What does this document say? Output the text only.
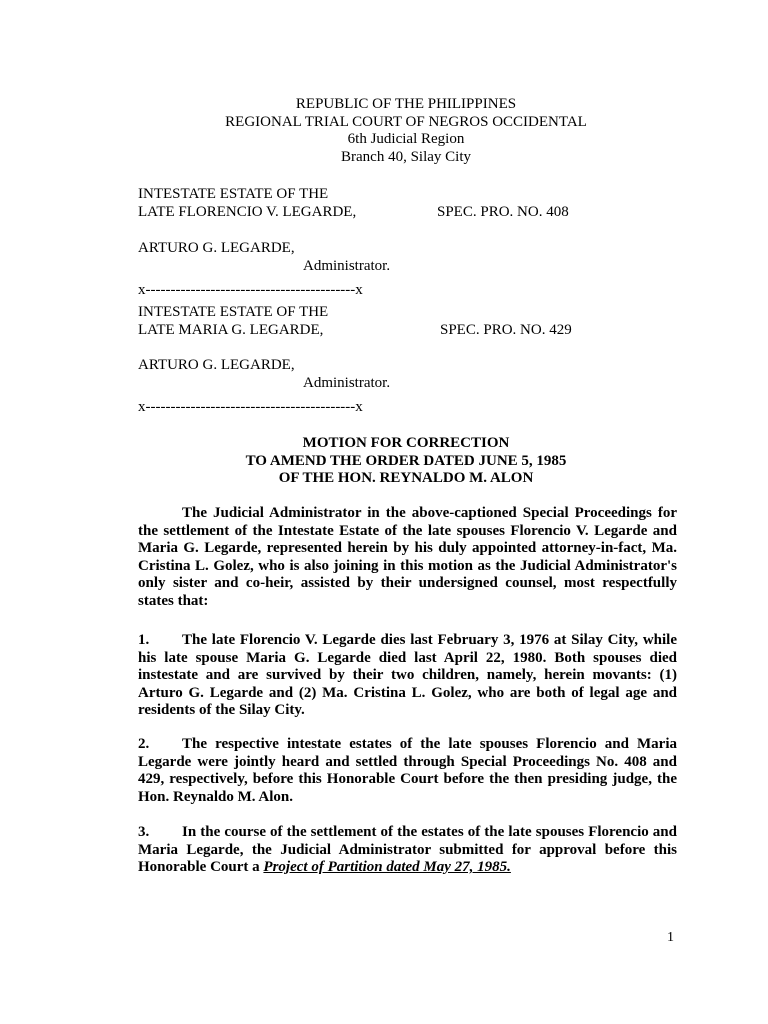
REPUBLIC OF THE PHILIPPINES
REGIONAL TRIAL COURT OF NEGROS OCCIDENTAL
6th Judicial Region
Branch 40, Silay City
INTESTATE ESTATE OF THE
LATE FLORENCIO V. LEGARDE,	SPEC. PRO. NO. 408
ARTURO G. LEGARDE,
Administrator.
x------------------------------------------x
INTESTATE ESTATE OF THE
LATE MARIA G. LEGARDE,	SPEC. PRO. NO. 429
ARTURO G. LEGARDE,
Administrator.
x------------------------------------------x
MOTION FOR CORRECTION
TO AMEND THE ORDER DATED JUNE 5, 1985
OF THE HON. REYNALDO M. ALON

The Judicial Administrator in the above-captioned Special Proceedings for the settlement of the Intestate Estate of the late spouses Florencio V. Legarde and Maria G. Legarde, represented herein by his duly appointed attorney-in-fact, Ma. Cristina L. Golez, who is also joining in this motion as the Judicial Administrator's only sister and co-heir, assisted by their undersigned counsel, most respectfully states that:

1. The late Florencio V. Legarde dies last February 3, 1976 at Silay City, while his late spouse Maria G. Legarde died last April 22, 1980. Both spouses died instestate and are survived by their two children, namely, herein movants: (1) Arturo G. Legarde and (2) Ma. Cristina L. Golez, who are both of legal age and residents of the Silay City.

2. The respective intestate estates of the late spouses Florencio and Maria Legarde were jointly heard and settled through Special Proceedings No. 408 and 429, respectively, before this Honorable Court before the then presiding judge, the Hon. Reynaldo M. Alon.

3. In the course of the settlement of the estates of the late spouses Florencio and Maria Legarde, the Judicial Administrator submitted for approval before this Honorable Court a Project of Partition dated May 27, 1985.

1
